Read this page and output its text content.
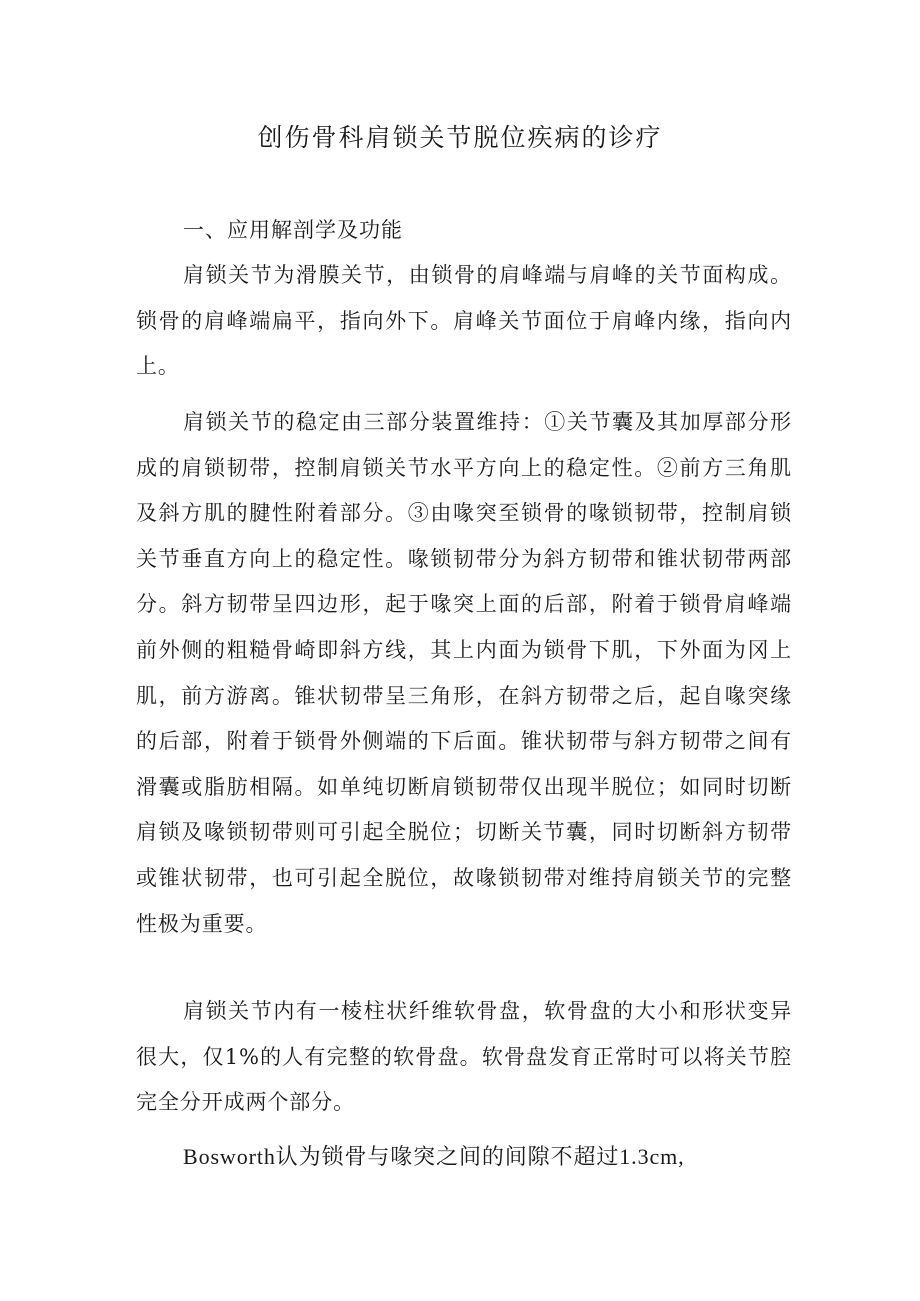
创伤骨科肩锁关节脱位疾病的诊疗
一、应用解剖学及功能

肩锁关节为滑膜关节，由锁骨的肩峰端与肩峰的关节面构成。锁骨的肩峰端扁平，指向外下。肩峰关节面位于肩峰内缘，指向内上。

肩锁关节的稳定由三部分装置维持：①关节囊及其加厚部分形成的肩锁韧带，控制肩锁关节水平方向上的稳定性。②前方三角肌及斜方肌的腱性附着部分。③由喙突至锁骨的喙锁韧带，控制肩锁关节垂直方向上的稳定性。喙锁韧带分为斜方韧带和锥状韧带两部分。斜方韧带呈四边形，起于喙突上面的后部，附着于锁骨肩峰端前外侧的粗糙骨崎即斜方线，其上内面为锁骨下肌，下外面为冈上肌，前方游离。锥状韧带呈三角形，在斜方韧带之后，起自喙突缘的后部，附着于锁骨外侧端的下后面。锥状韧带与斜方韧带之间有滑囊或脂肪相隔。如单纯切断肩锁韧带仅出现半脱位；如同时切断肩锁及喙锁韧带则可引起全脱位；切断关节囊，同时切断斜方韧带或锥状韧带，也可引起全脱位，故喙锁韧带对维持肩锁关节的完整性极为重要。

肩锁关节内有一棱柱状纤维软骨盘，软骨盘的大小和形状变异很大，仅1%的人有完整的软骨盘。软骨盘发育正常时可以将关节腔完全分开成两个部分。

Bosworth认为锁骨与喙突之间的间隙不超过1.3cm,
